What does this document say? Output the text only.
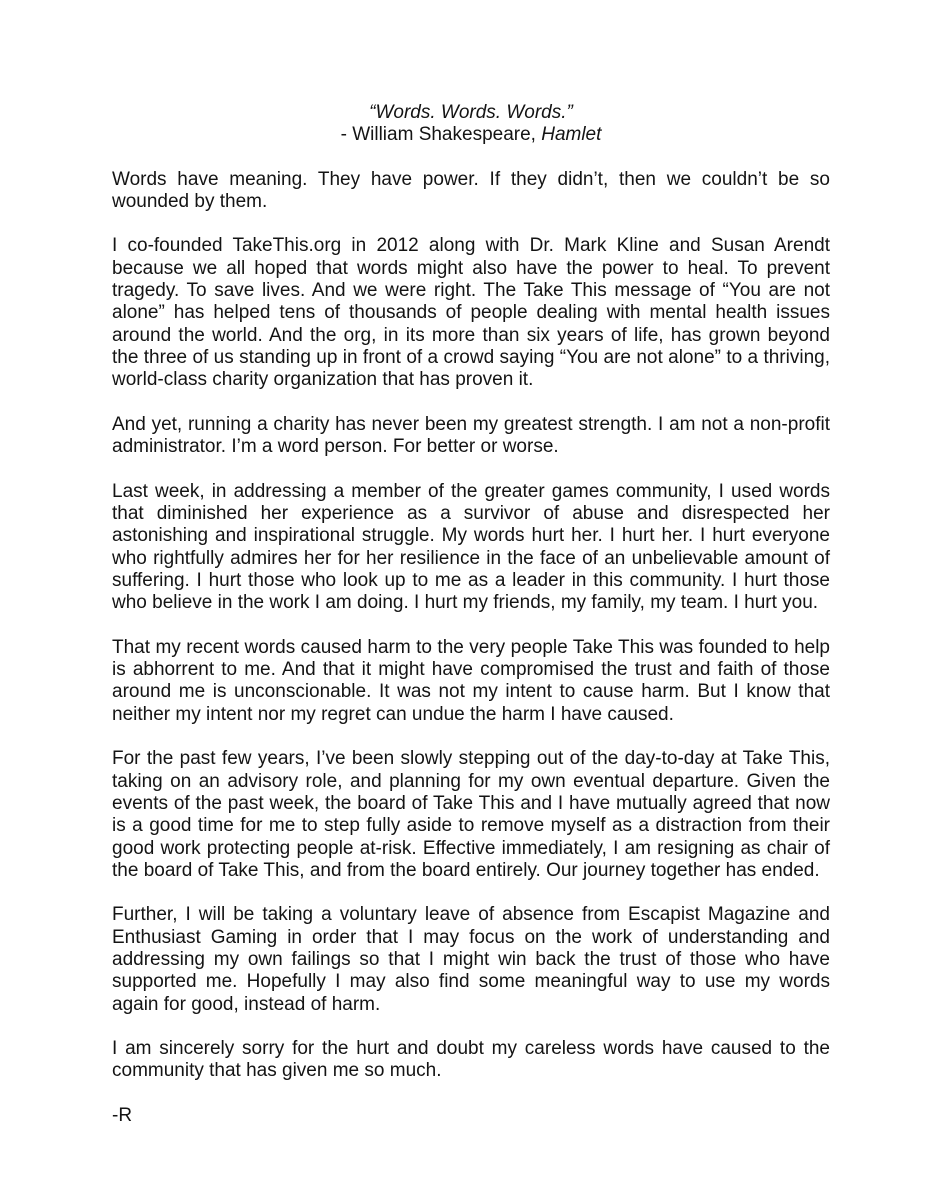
“Words. Words. Words.”
- William Shakespeare, Hamlet

Words have meaning. They have power. If they didn’t, then we couldn’t be so wounded by them.

I co-founded TakeThis.org in 2012 along with Dr. Mark Kline and Susan Arendt because we all hoped that words might also have the power to heal. To prevent tragedy. To save lives. And we were right. The Take This message of “You are not alone” has helped tens of thousands of people dealing with mental health issues around the world. And the org, in its more than six years of life, has grown beyond the three of us standing up in front of a crowd saying “You are not alone” to a thriving, world-class charity organization that has proven it.

And yet, running a charity has never been my greatest strength. I am not a non-profit administrator. I’m a word person. For better or worse.

Last week, in addressing a member of the greater games community, I used words that diminished her experience as a survivor of abuse and disrespected her astonishing and inspirational struggle. My words hurt her. I hurt her. I hurt everyone who rightfully admires her for her resilience in the face of an unbelievable amount of suffering. I hurt those who look up to me as a leader in this community. I hurt those who believe in the work I am doing. I hurt my friends, my family, my team. I hurt you.

That my recent words caused harm to the very people Take This was founded to help is abhorrent to me. And that it might have compromised the trust and faith of those around me is unconscionable. It was not my intent to cause harm. But I know that neither my intent nor my regret can undue the harm I have caused.

For the past few years, I’ve been slowly stepping out of the day-to-day at Take This, taking on an advisory role, and planning for my own eventual departure. Given the events of the past week, the board of Take This and I have mutually agreed that now is a good time for me to step fully aside to remove myself as a distraction from their good work protecting people at-risk. Effective immediately, I am resigning as chair of the board of Take This, and from the board entirely. Our journey together has ended.

Further, I will be taking a voluntary leave of absence from Escapist Magazine and Enthusiast Gaming in order that I may focus on the work of understanding and addressing my own failings so that I might win back the trust of those who have supported me. Hopefully I may also find some meaningful way to use my words again for good, instead of harm.

I am sincerely sorry for the hurt and doubt my careless words have caused to the community that has given me so much.

-R
